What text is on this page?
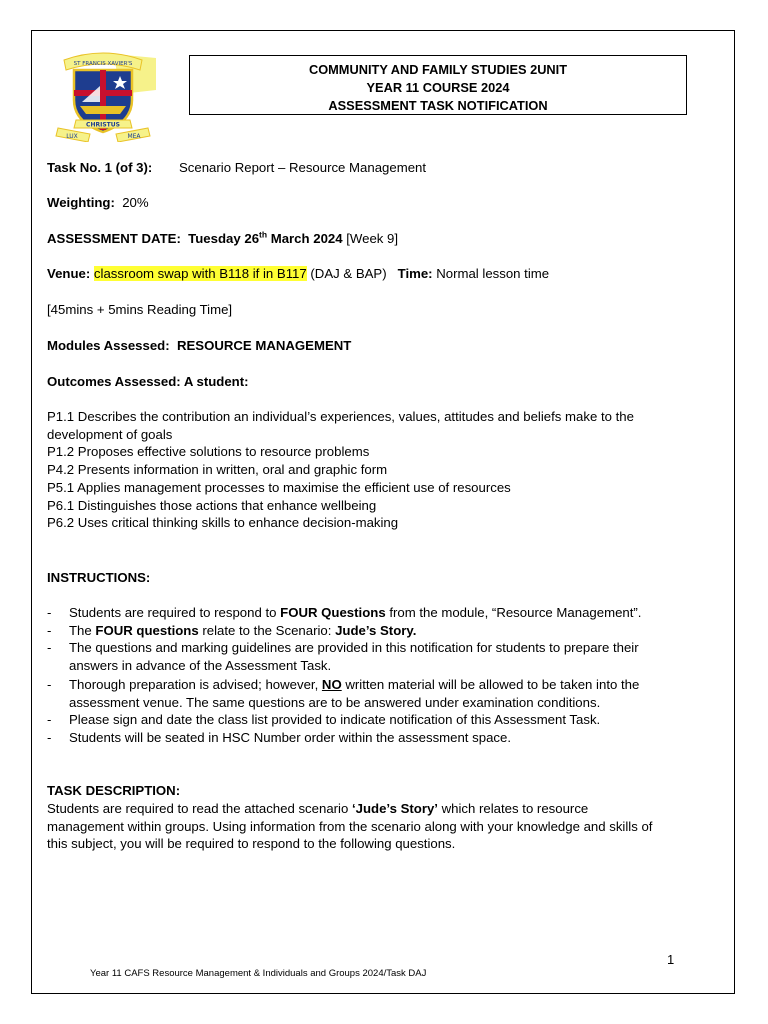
ST FRANCIS XAVIER'S
CHRISTUS
LUX	MEA
COMMUNITY AND FAMILY STUDIES 2UNIT
YEAR 11 COURSE 2024
ASSESSMENT TASK NOTIFICATION
Task No. 1 (of 3): Scenario Report – Resource Management
Weighting: 20%
ASSESSMENT DATE: Tuesday 26th March 2024 [Week 9]
Venue: classroom swap with B118 if in B117 (DAJ & BAP) Time: Normal lesson time
[45mins + 5mins Reading Time]
Modules Assessed: RESOURCE MANAGEMENT
Outcomes Assessed: A student:
P1.1 Describes the contribution an individual’s experiences, values, attitudes and beliefs make to the
development of goals
P1.2 Proposes effective solutions to resource problems
P4.2 Presents information in written, oral and graphic form
P5.1 Applies management processes to maximise the efficient use of resources
P6.1 Distinguishes those actions that enhance wellbeing
P6.2 Uses critical thinking skills to enhance decision-making
INSTRUCTIONS:
- Students are required to respond to FOUR Questions from the module, “Resource Management”.
- The FOUR questions relate to the Scenario: Jude’s Story.
- The questions and marking guidelines are provided in this notification for students to prepare their
answers in advance of the Assessment Task.
- Thorough preparation is advised; however, NO written material will be allowed to be taken into the
assessment venue. The same questions are to be answered under examination conditions.
- Please sign and date the class list provided to indicate notification of this Assessment Task.
- Students will be seated in HSC Number order within the assessment space.
TASK DESCRIPTION:
Students are required to read the attached scenario ‘Jude’s Story’ which relates to resource
management within groups. Using information from the scenario along with your knowledge and skills of
this subject, you will be required to respond to the following questions.
1
Year 11 CAFS Resource Management & Individuals and Groups 2024/Task DAJ
